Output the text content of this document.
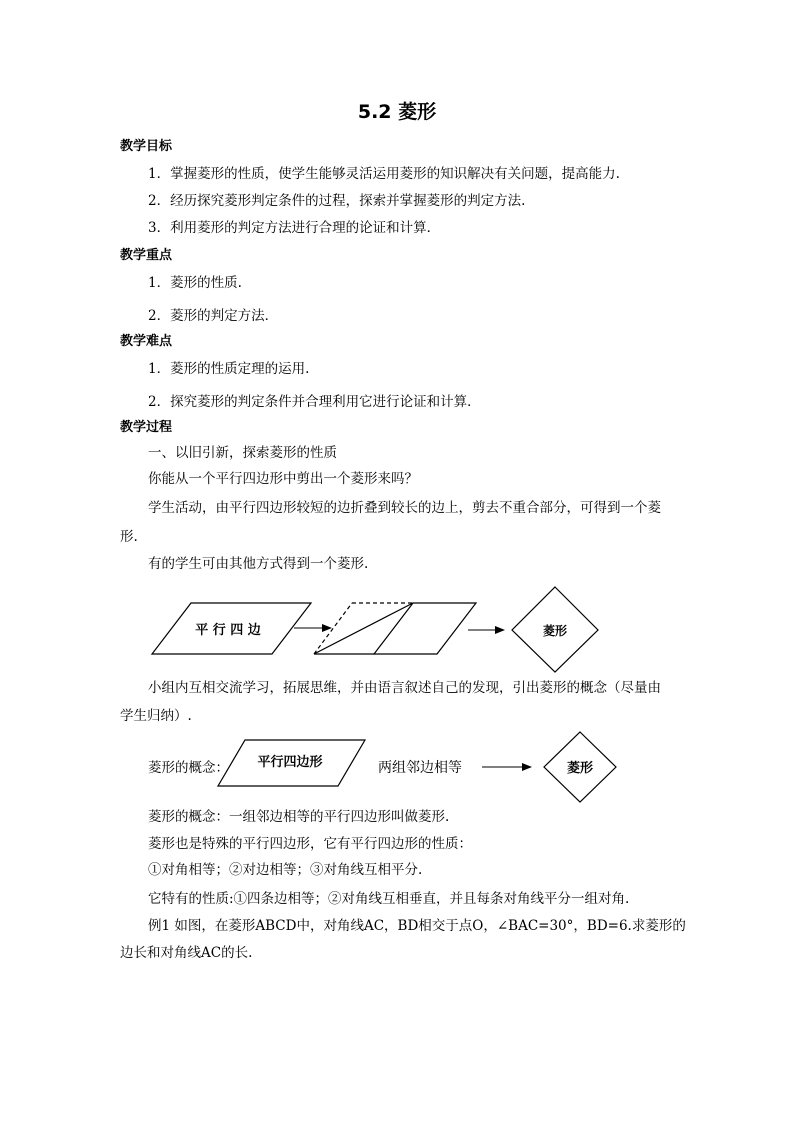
5.2 菱形
教学目标
1．掌握菱形的性质，使学生能够灵活运用菱形的知识解决有关问题，提高能力.
2．经历探究菱形判定条件的过程，探索并掌握菱形的判定方法.
3．利用菱形的判定方法进行合理的论证和计算．
教学重点
1．菱形的性质.
2．菱形的判定方法．
教学难点
1．菱形的性质定理的运用.
2．探究菱形的判定条件并合理利用它进行论证和计算．
教学过程
一、以旧引新，探索菱形的性质
你能从一个平行四边形中剪出一个菱形来吗？
学生活动，由平行四边形较短的边折叠到较长的边上，剪去不重合部分，可得到一个菱
形.
有的学生可由其他方式得到一个菱形.
平 行 四 边	菱形
小组内互相交流学习，拓展思维，并由语言叙述自己的发现，引出菱形的概念（尽量由
学生归纳）.
菱形的概念： 平行四边形	两组邻边相等	菱形
菱形的概念：一组邻边相等的平行四边形叫做菱形.
菱形也是特殊的平行四边形，它有平行四边形的性质：
①对角相等；②对边相等；③对角线互相平分.
它特有的性质:①四条边相等；②对角线互相垂直，并且每条对角线平分一组对角.
例1 如图，在菱形ABCD中，对角线AC，BD相交于点O，∠BAC=30°，BD=6.求菱形的
边长和对角线AC的长.
